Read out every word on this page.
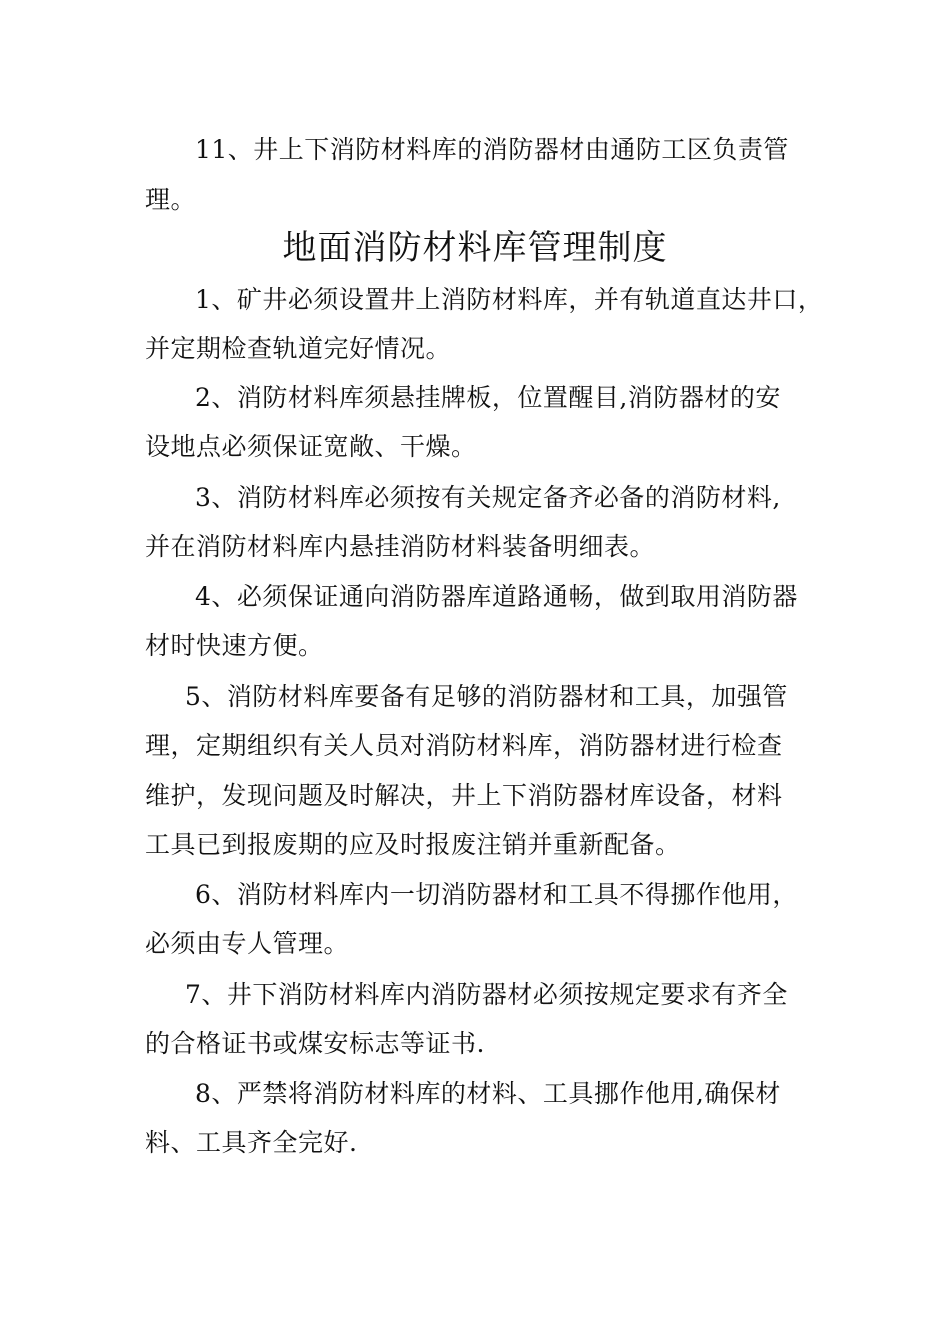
11、井上下消防材料库的消防器材由通防工区负责管
理。
地面消防材料库管理制度
1、矿井必须设置井上消防材料库，并有轨道直达井口，
并定期检查轨道完好情况。
2、消防材料库须悬挂牌板，位置醒目,消防器材的安
设地点必须保证宽敞、干燥。
3、消防材料库必须按有关规定备齐必备的消防材料,
并在消防材料库内悬挂消防材料装备明细表。
4、必须保证通向消防器库道路通畅，做到取用消防器
材时快速方便。
5、消防材料库要备有足够的消防器材和工具，加强管
理，定期组织有关人员对消防材料库，消防器材进行检查
维护，发现问题及时解决，井上下消防器材库设备，材料
工具已到报废期的应及时报废注销并重新配备。
6、消防材料库内一切消防器材和工具不得挪作他用，
必须由专人管理。
7、井下消防材料库内消防器材必须按规定要求有齐全
的合格证书或煤安标志等证书.
8、严禁将消防材料库的材料、工具挪作他用,确保材
料、工具齐全完好.
